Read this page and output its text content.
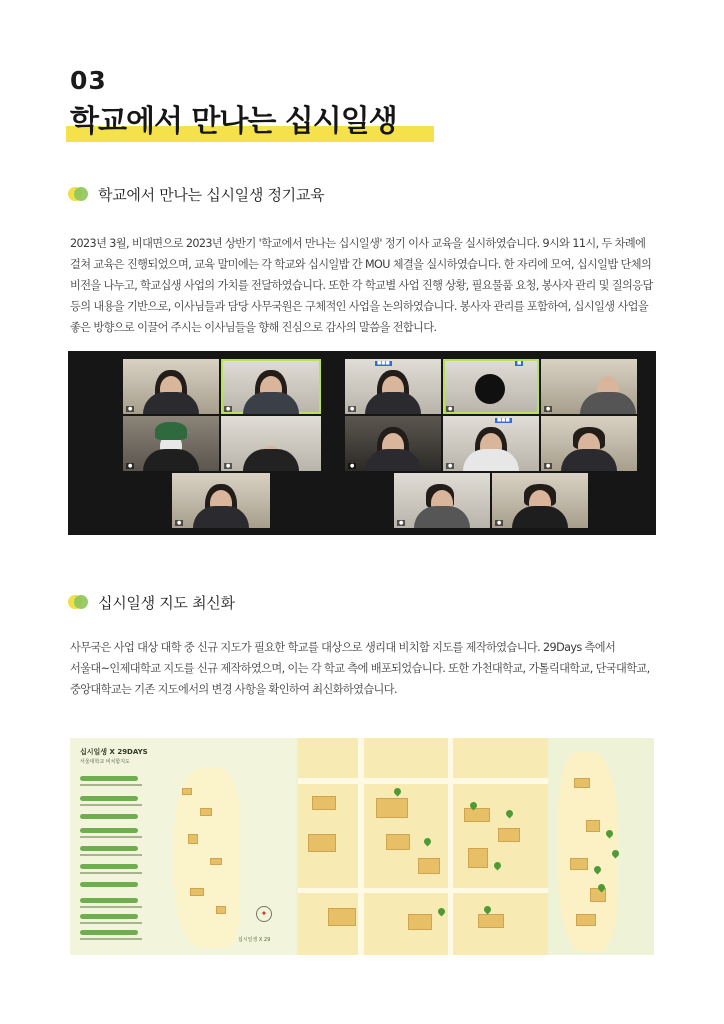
03
학교에서 만나는 십시일생
학교에서 만나는 십시일생 정기교육
2023년 3월, 비대면으로 2023년 상반기 '학교에서 만나는 십시일생' 정기 이사 교육을 실시하였습니다. 9시와 11시, 두 차례에
걸쳐 교육은 진행되었으며, 교육 말미에는 각 학교와 십시일밥 간 MOU 체결을 실시하였습니다. 한 자리에 모여, 십시일밥 단체의
비전을 나누고, 학교십생 사업의 가치를 전달하였습니다. 또한 각 학교별 사업 진행 상황, 필요물품 요청, 봉사자 관리 및 질의응답
등의 내용을 기반으로, 이사님들과 담당 사무국원은 구체적인 사업을 논의하였습니다. 봉사자 관리를 포함하여, 십시일생 사업을
좋은 방향으로 이끌어 주시는 이사님들을 향해 진심으로 감사의 말씀을 전합니다.
●	●
●	●
●
■■■
●
■
●	●
●
■■■
●	●
●	●
십시일생 지도 최신화
사무국은 사업 대상 대학 중 신규 지도가 필요한 학교를 대상으로 생리대 비치함 지도를 제작하였습니다. 29Days 측에서
서울대~인제대학교 지도를 신규 제작하였으며, 이는 각 학교 측에 배포되었습니다. 또한 가천대학교, 가톨릭대학교, 단국대학교,
중앙대학교는 기존 지도에서의 변경 사항을 확인하여 최신화하였습니다.
십시일생 X 29DAYS
서울대학교 비치함지도
✦
십시일생 X 29
